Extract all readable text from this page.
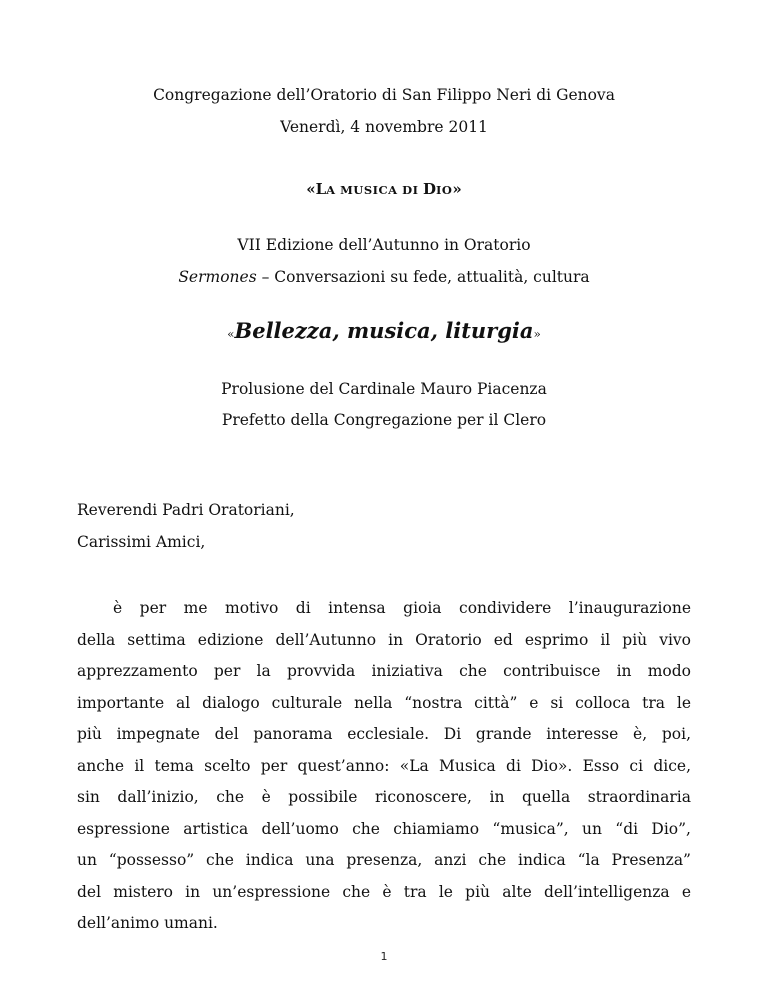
Congregazione dell’Oratorio di San Filippo Neri di Genova
Venerdì, 4 novembre 2011
«LA MUSICA DI DIO»
VII Edizione dell’Autunno in Oratorio
Sermones – Conversazioni su fede, attualità, cultura
«Bellezza, musica, liturgia»
Prolusione del Cardinale Mauro Piacenza
Prefetto della Congregazione per il Clero
Reverendi Padri Oratoriani,
Carissimi Amici,
è per me motivo di intensa gioia condividere l’inaugurazione
della settima edizione dell’Autunno in Oratorio ed esprimo il più vivo
apprezzamento per la provvida iniziativa che contribuisce in modo
importante al dialogo culturale nella “nostra città” e si colloca tra le
più impegnate del panorama ecclesiale. Di grande interesse è, poi,
anche il tema scelto per quest’anno: «La Musica di Dio». Esso ci dice,
sin dall’inizio, che è possibile riconoscere, in quella straordinaria
espressione artistica dell’uomo che chiamiamo “musica”, un “di Dio”,
un “possesso” che indica una presenza, anzi che indica “la Presenza”
del mistero in un’espressione che è tra le più alte dell’intelligenza e
dell’animo umani.
1
